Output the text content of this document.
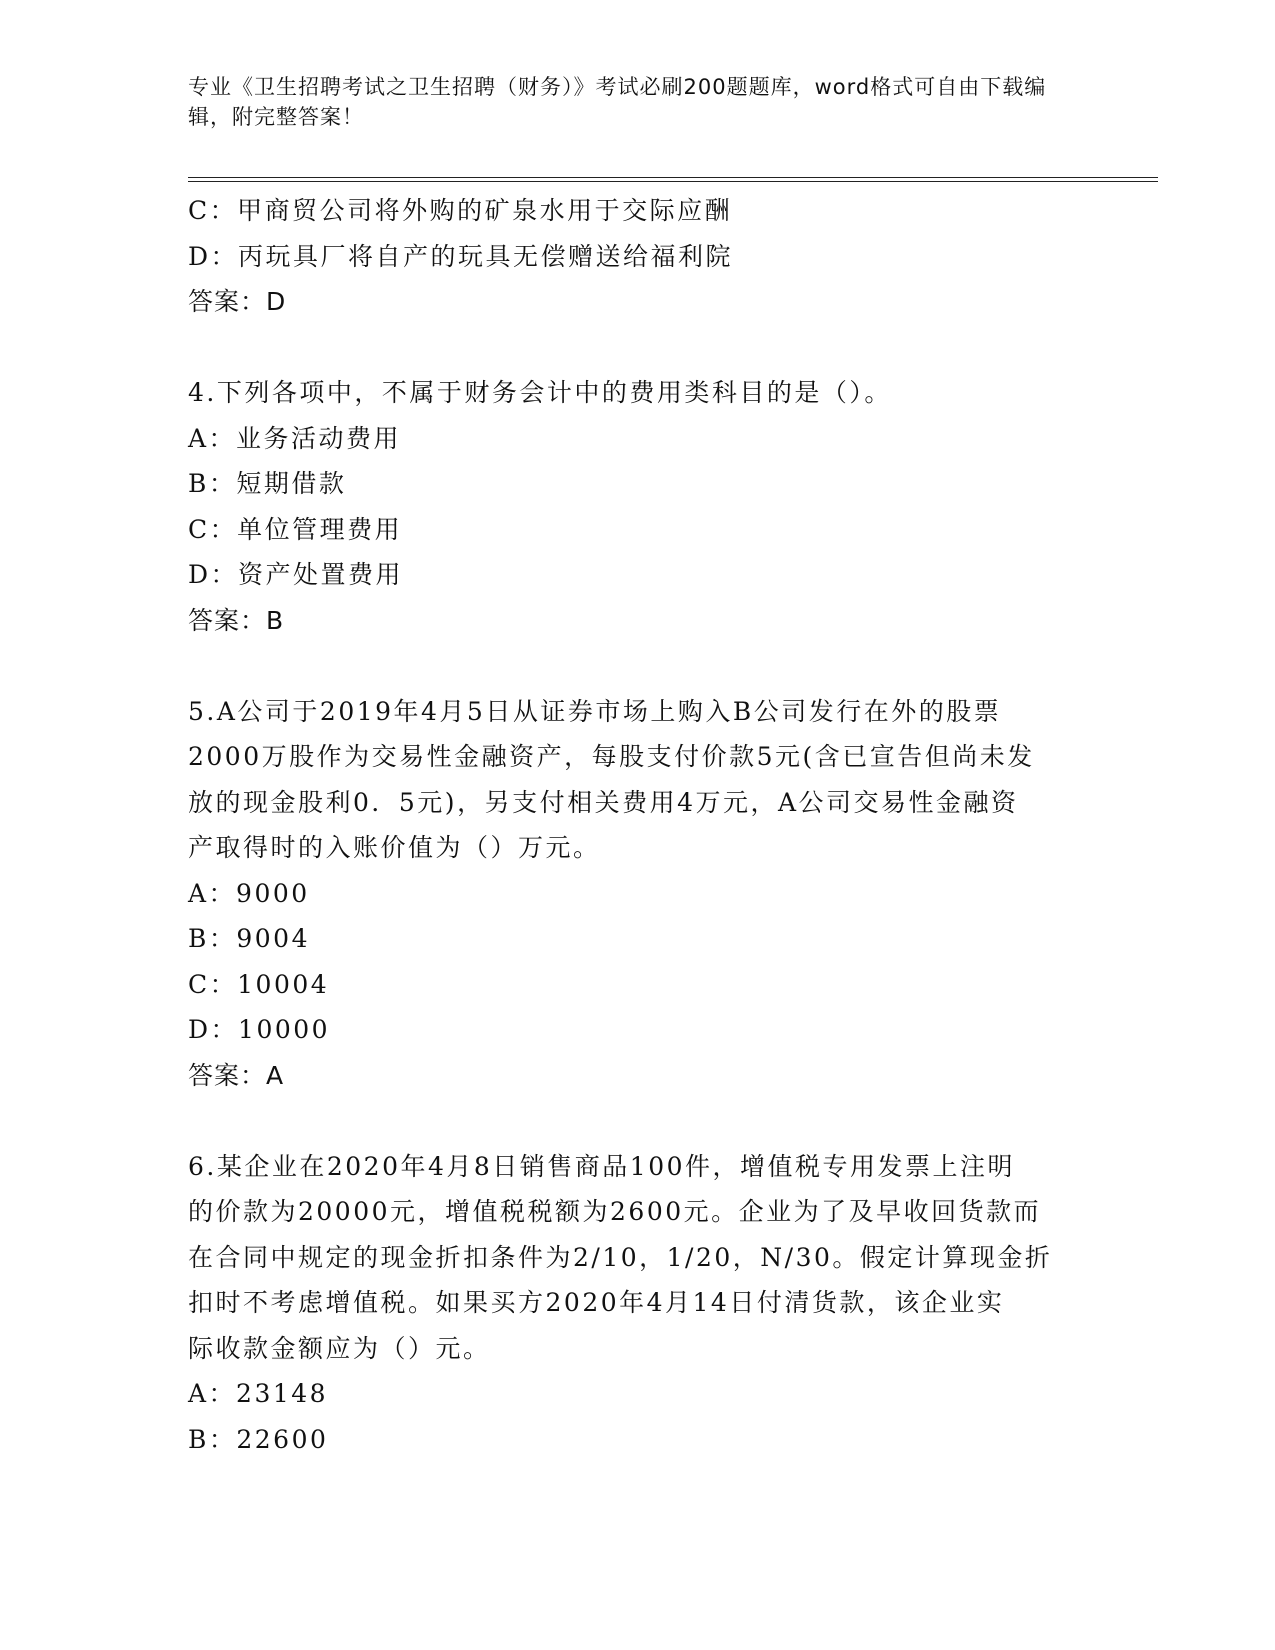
专业《卫生招聘考试之卫生招聘（财务）》考试必刷200题题库，word格式可自由下载编辑，附完整答案！
C：甲商贸公司将外购的矿泉水用于交际应酬
D：丙玩具厂将自产的玩具无偿赠送给福利院
答案：D
4.下列各项中，不属于财务会计中的费用类科目的是（）。
A：业务活动费用
B：短期借款
C：单位管理费用
D：资产处置费用
答案：B
5.A公司于2019年4月5日从证券市场上购入B公司发行在外的股票
2000万股作为交易性金融资产，每股支付价款5元(含已宣告但尚未发
放的现金股利0．5元)，另支付相关费用4万元，A公司交易性金融资
产取得时的入账价值为（）万元。
A：9000
B：9004
C：10004
D：10000
答案：A
6.某企业在2020年4月8日销售商品100件，增值税专用发票上注明
的价款为20000元，增值税税额为2600元。企业为了及早收回货款而
在合同中规定的现金折扣条件为2/10，1/20，N/30。假定计算现金折
扣时不考虑增值税。如果买方2020年4月14日付清货款，该企业实
际收款金额应为（）元。
A：23148
B：22600
